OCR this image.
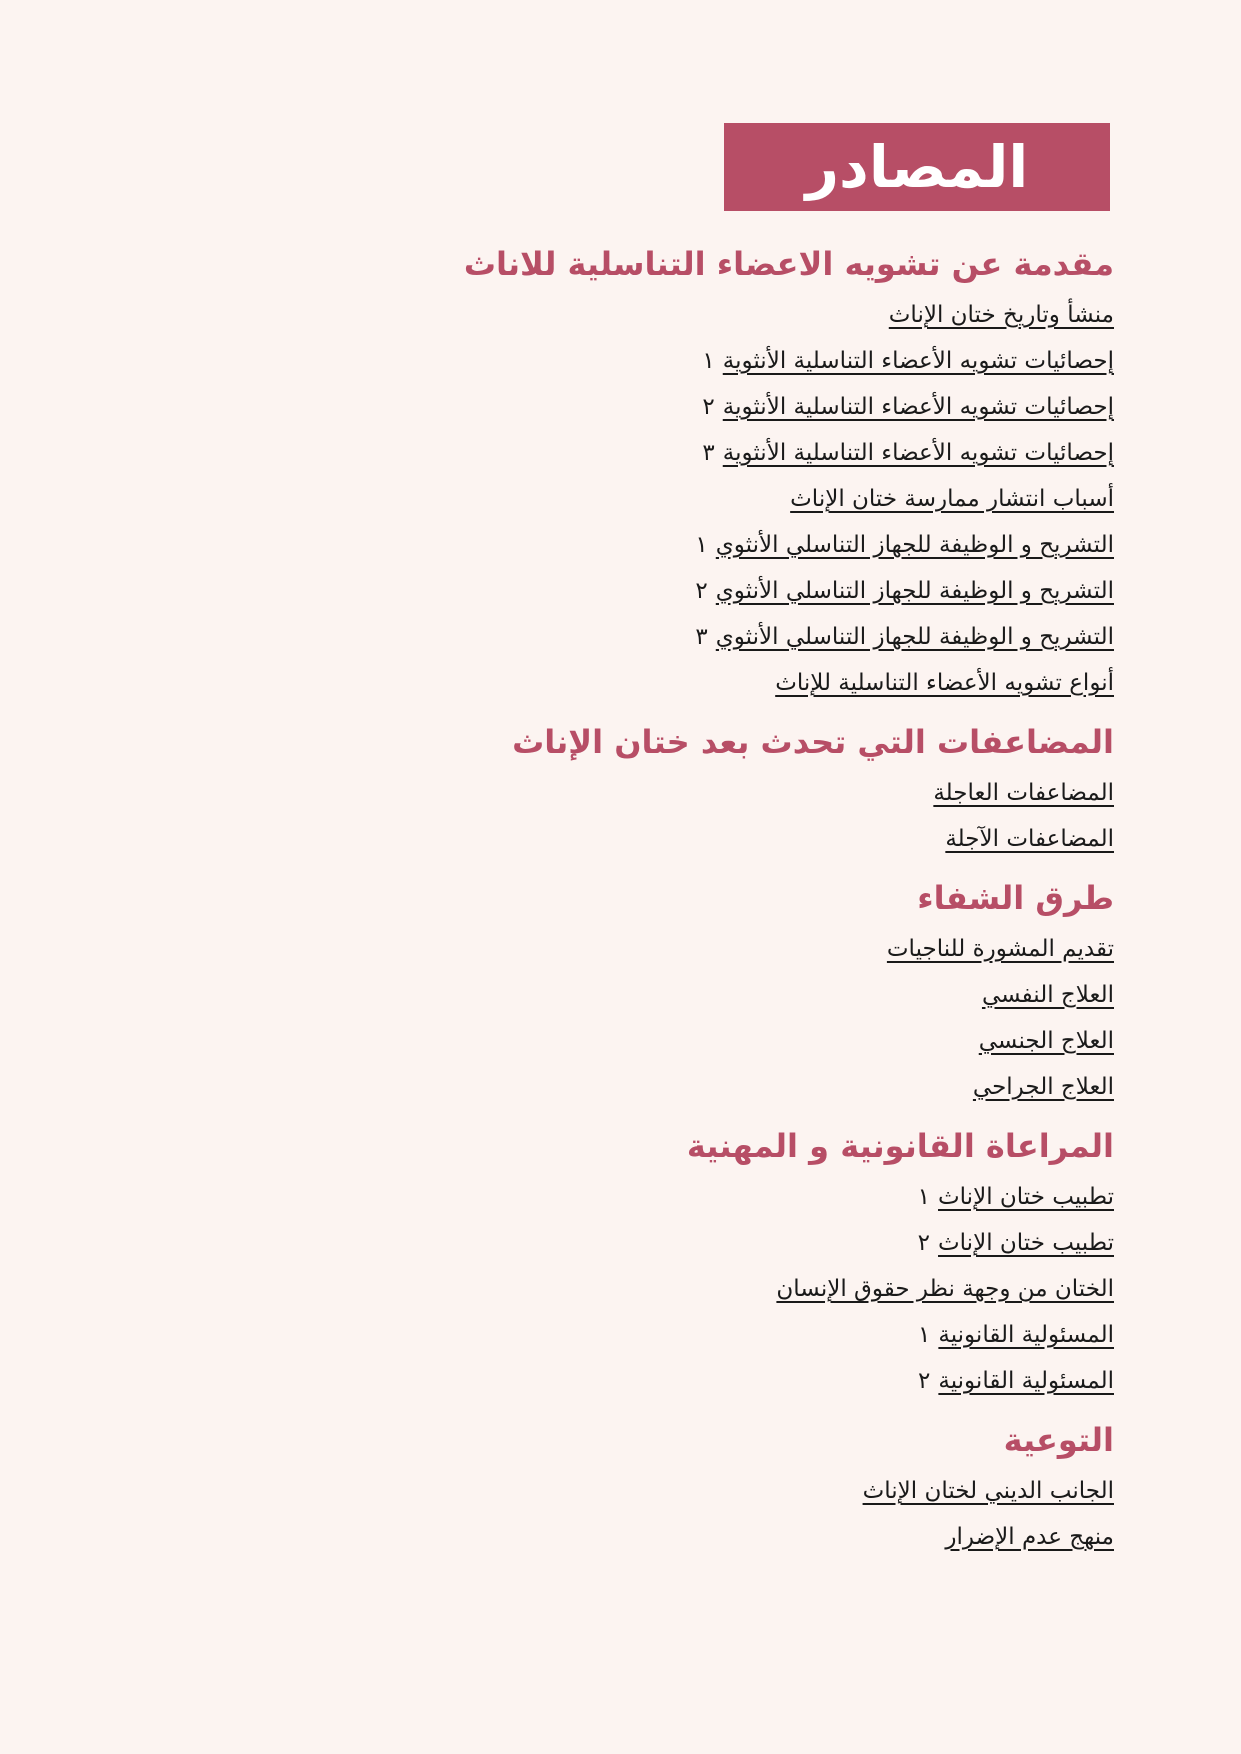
المصادر
مقدمة عن تشويه الاعضاء التناسلية للاناث
منشأ وتاريخ ختان الإناث
إحصائيات تشويه الأعضاء التناسلية الأنثوية١
إحصائيات تشويه الأعضاء التناسلية الأنثوية٢
إحصائيات تشويه الأعضاء التناسلية الأنثوية٣
أسباب انتشار ممارسة ختان الإناث
التشريح و الوظيفة للجهاز التناسلي الأنثوي١
التشريح و الوظيفة للجهاز التناسلي الأنثوي٢
التشريح و الوظيفة للجهاز التناسلي الأنثوي٣
أنواع تشويه الأعضاء التناسلية للإناث
المضاعفات التي تحدث بعد ختان الإناث
المضاعفات العاجلة
المضاعفات الآجلة
طرق الشفاء
تقديم المشورة للناجيات
العلاج النفسي
العلاج الجنسي
العلاج الجراحي
المراعاة القانونية و المهنية
تطبيب ختان الإناث١
تطبيب ختان الإناث٢
الختان من وجهة نظر حقوق الإنسان
المسئولية القانونية١
المسئولية القانونية٢
التوعية
الجانب الديني لختان الإناث
منهج عدم الإضرار
